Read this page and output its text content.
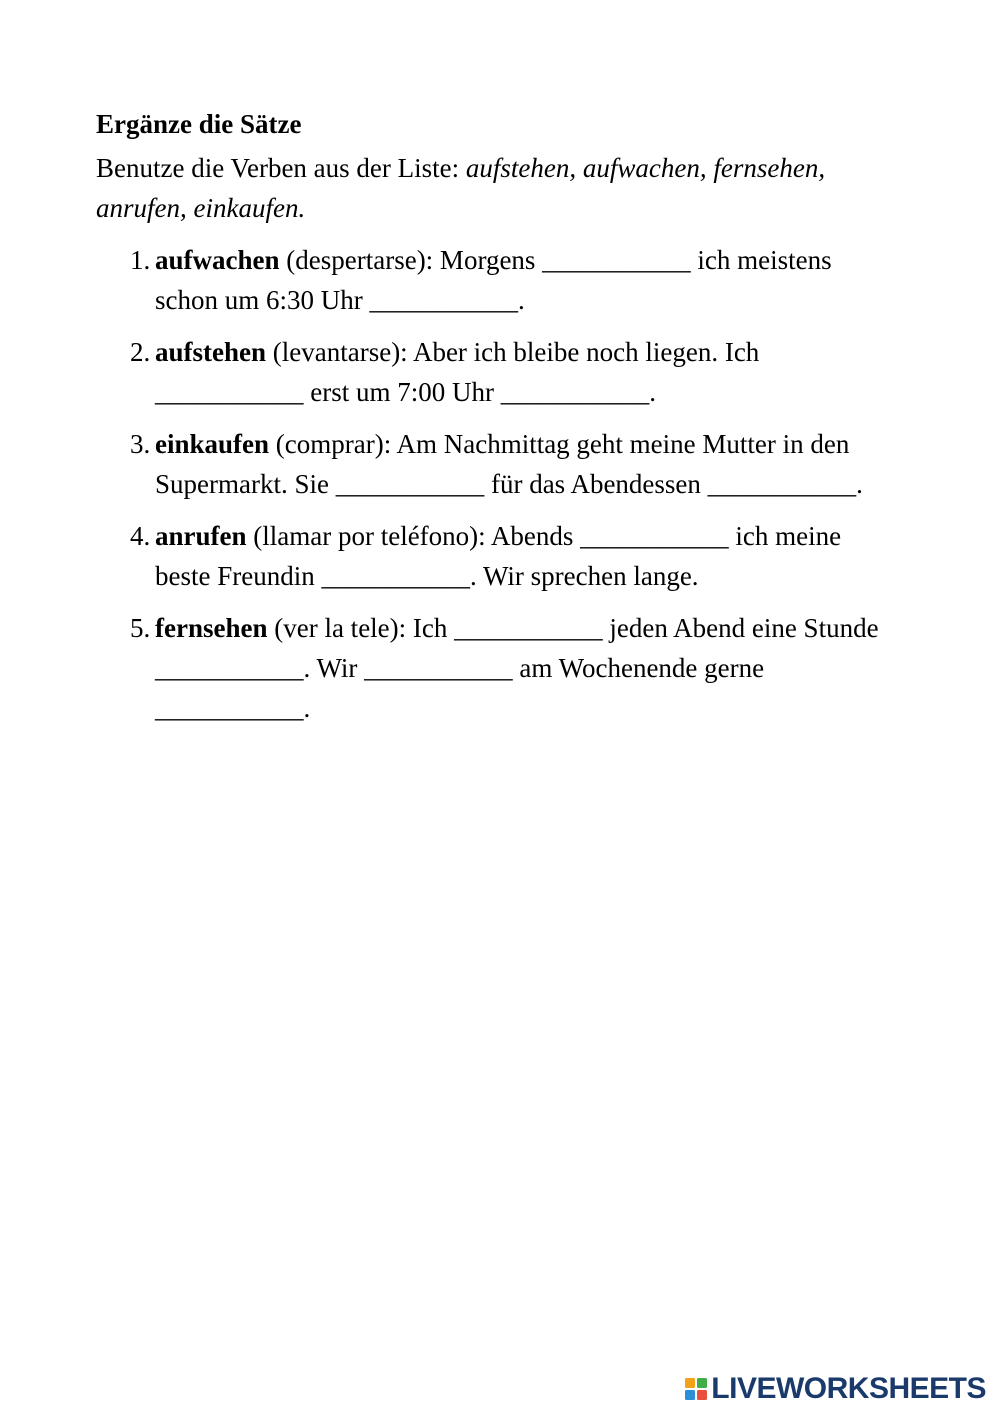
Ergänze die Sätze

Benutze die Verben aus der Liste: aufstehen, aufwachen, fernsehen, anrufen, einkaufen.

1. aufwachen (despertarse): Morgens ___________ ich meistens schon um 6:30 Uhr ___________.
2. aufstehen (levantarse): Aber ich bleibe noch liegen. Ich ___________ erst um 7:00 Uhr ___________.
3. einkaufen (comprar): Am Nachmittag geht meine Mutter in den Supermarkt. Sie ___________ für das Abendessen ___________.
4. anrufen (llamar por teléfono): Abends ___________ ich meine beste Freundin ___________. Wir sprechen lange.
5. fernsehen (ver la tele): Ich ___________ jeden Abend eine Stunde ___________. Wir ___________ am Wochenende gerne ___________.
LIVEWORKSHEETS
